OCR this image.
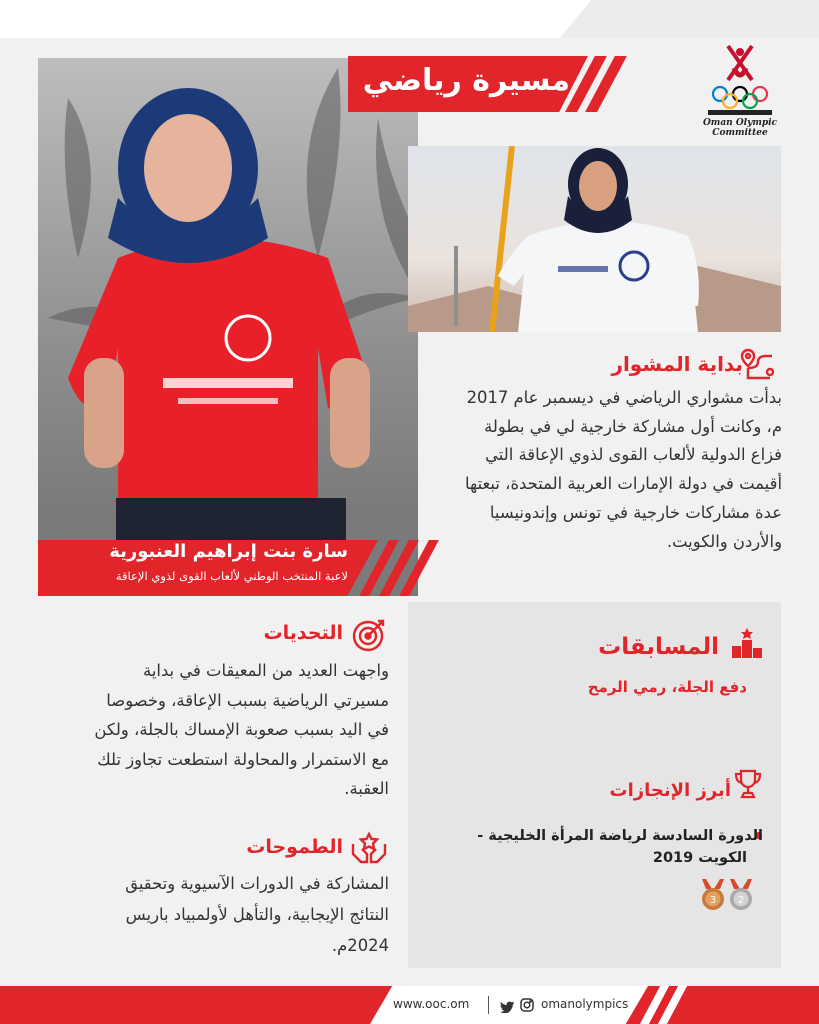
مسيرة رياضي
Oman Olympic Committee
بداية المشوار
بدأت مشواري الرياضي في ديسمبر عام 2017
م، وكانت أول مشاركة خارجية لي في بطولة
فزاع الدولية لألعاب القوى لذوي الإعاقة التي
أقيمت في دولة الإمارات العربية المتحدة، تبعتها
عدة مشاركات خارجية في تونس وإندونيسيا
والأردن والكويت.
سارة بنت إبراهيم العنبورية
لاعبة المنتخب الوطني لألعاب القوى لذوي الإعاقة
المسابقات
دفع الجلة، رمي الرمح
أبرز الإنجازات
الدورة السادسة لرياضة المرأة الخليجية -
الكويت 2019
3 2
التحديات
واجهت العديد من المعيقات في بداية
مسيرتي الرياضية بسبب الإعاقة، وخصوصا
في اليد بسبب صعوبة الإمساك بالجلة، ولكن
مع الاستمرار والمحاولة استطعت تجاوز تلك
العقبة.
الطموحات
المشاركة في الدورات الآسيوية وتحقيق
النتائج الإيجابية، والتأهل لأولمبياد باريس
2024م.
www.ooc.om	omanolympics
